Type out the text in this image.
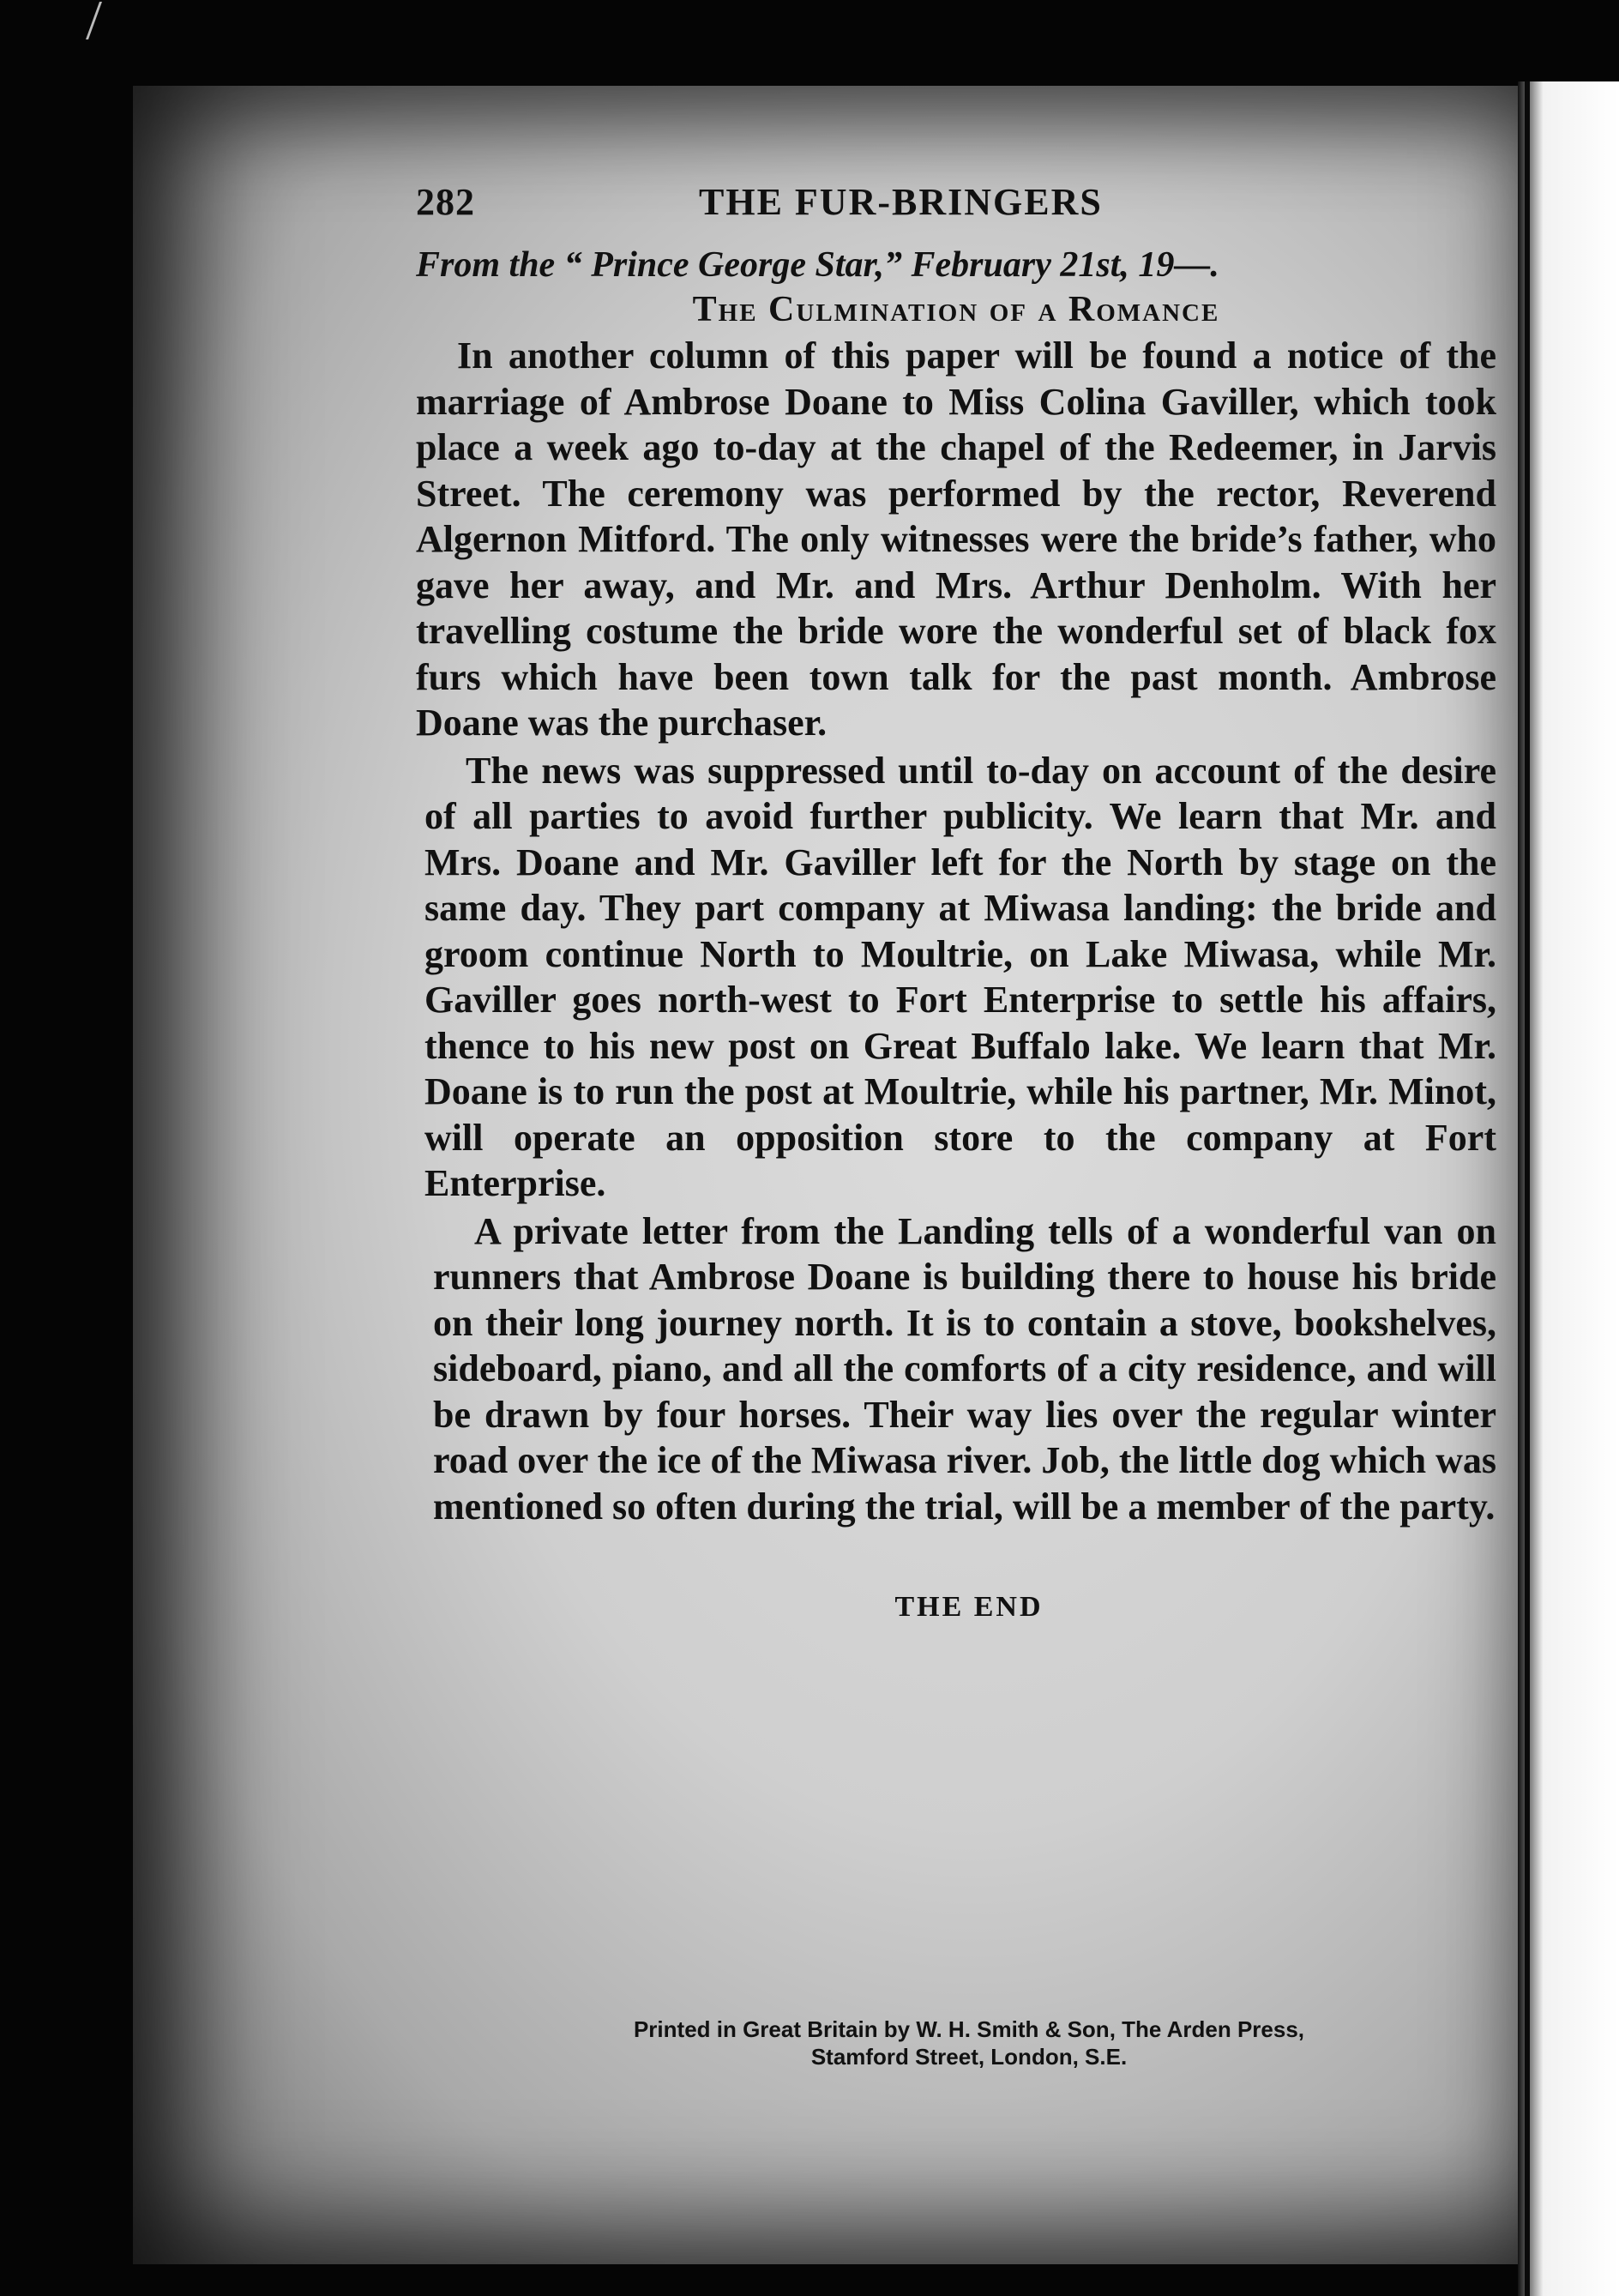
282	THE FUR-BRINGERS
From the “ Prince George Star,” February 21st, 19—.
The Culmination of a Romance

In another column of this paper will be found a notice of the marriage of Ambrose Doane to Miss Colina Gaviller, which took place a week ago to-day at the chapel of the Redeemer, in Jarvis Street. The ceremony was performed by the rector, Reverend Algernon Mitford. The only witnesses were the bride’s father, who gave her away, and Mr. and Mrs. Arthur Denholm. With her travelling costume the bride wore the wonderful set of black fox furs which have been town talk for the past month. Ambrose Doane was the purchaser.

The news was suppressed until to-day on account of the desire of all parties to avoid further publicity. We learn that Mr. and Mrs. Doane and Mr. Gaviller left for the North by stage on the same day. They part company at Miwasa landing: the bride and groom continue North to Moultrie, on Lake Miwasa, while Mr. Gaviller goes north-west to Fort Enterprise to settle his affairs, thence to his new post on Great Buffalo lake. We learn that Mr. Doane is to run the post at Moultrie, while his partner, Mr. Minot, will operate an opposition store to the company at Fort Enterprise.

A private letter from the Landing tells of a wonderful van on runners that Ambrose Doane is building there to house his bride on their long journey north. It is to contain a stove, bookshelves, sideboard, piano, and all the comforts of a city residence, and will be drawn by four horses. Their way lies over the regular winter road over the ice of the Miwasa river. Job, the little dog which was mentioned so often during the trial, will be a member of the party.

THE END
Printed in Great Britain by W. H. Smith & Son, The Arden Press,
Stamford Street, London, S.E.
